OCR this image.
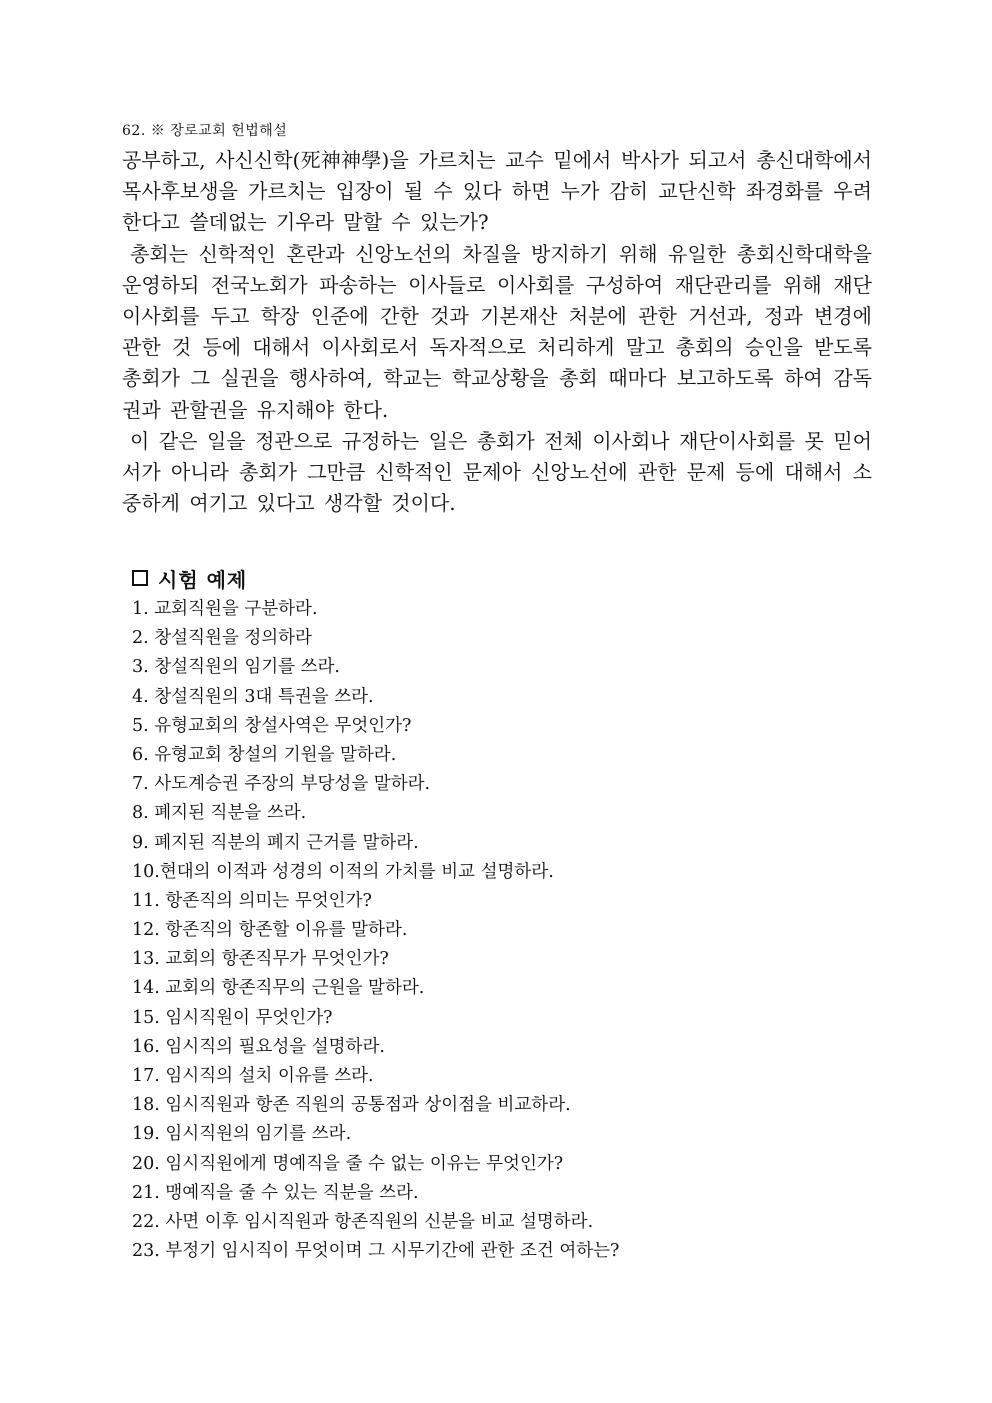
62. ※ 장로교회 헌법해설

공부하고, 사신신학(死神神學)을 가르치는 교수 밑에서 박사가 되고서 총신대학에서 목사후보생을 가르치는 입장이 될 수 있다 하면 누가 감히 교단신학 좌경화를 우려한다고 쓸데없는 기우라 말할 수 있는가?

총회는 신학적인 혼란과 신앙노선의 차질을 방지하기 위해 유일한 총회신학대학을 운영하되 전국노회가 파송하는 이사들로 이사회를 구성하여 재단관리를 위해 재단이사회를 두고 학장 인준에 간한 것과 기본재산 처분에 관한 거선과, 정과 변경에 관한 것 등에 대해서 이사회로서 독자적으로 처리하게 말고 총회의 승인을 받도록 총회가 그 실권을 행사하여, 학교는 학교상황을 총회 때마다 보고하도록 하여 감독권과 관할권을 유지해야 한다.

이 같은 일을 정관으로 규정하는 일은 총회가 전체 이사회나 재단이사회를 못 믿어서가 아니라 총회가 그만큼 신학적인 문제아 신앙노선에 관한 문제 등에 대해서 소중하게 여기고 있다고 생각할 것이다.

시험 예제
1. 교회직원을 구분하라.
2. 창설직원을 정의하라
3. 창설직원의 임기를 쓰라.
4. 창설직원의 3대 특권을 쓰라.
5. 유형교회의 창설사역은 무엇인가?
6. 유형교회 창설의 기원을 말하라.
7. 사도계승권 주장의 부당성을 말하라.
8. 폐지된 직분을 쓰라.
9. 폐지된 직분의 폐지 근거를 말하라.
10.현대의 이적과 성경의 이적의 가치를 비교 설명하라.
11. 항존직의 의미는 무엇인가?
12. 항존직의 항존할 이유를 말하라.
13. 교회의 항존직무가 무엇인가?
14. 교회의 항존직무의 근원을 말하라.
15. 임시직원이 무엇인가?
16. 임시직의 필요성을 설명하라.
17. 임시직의 설치 이유를 쓰라.
18. 임시직원과 항존 직원의 공통점과 상이점을 비교하라.
19. 임시직원의 임기를 쓰라.
20. 임시직원에게 명예직을 줄 수 없는 이유는 무엇인가?
21. 맹예직을 줄 수 있는 직분을 쓰라.
22. 사면 이후 임시직원과 항존직원의 신분을 비교 설명하라.
23. 부정기 임시직이 무엇이며 그 시무기간에 관한 조건 여하는?
